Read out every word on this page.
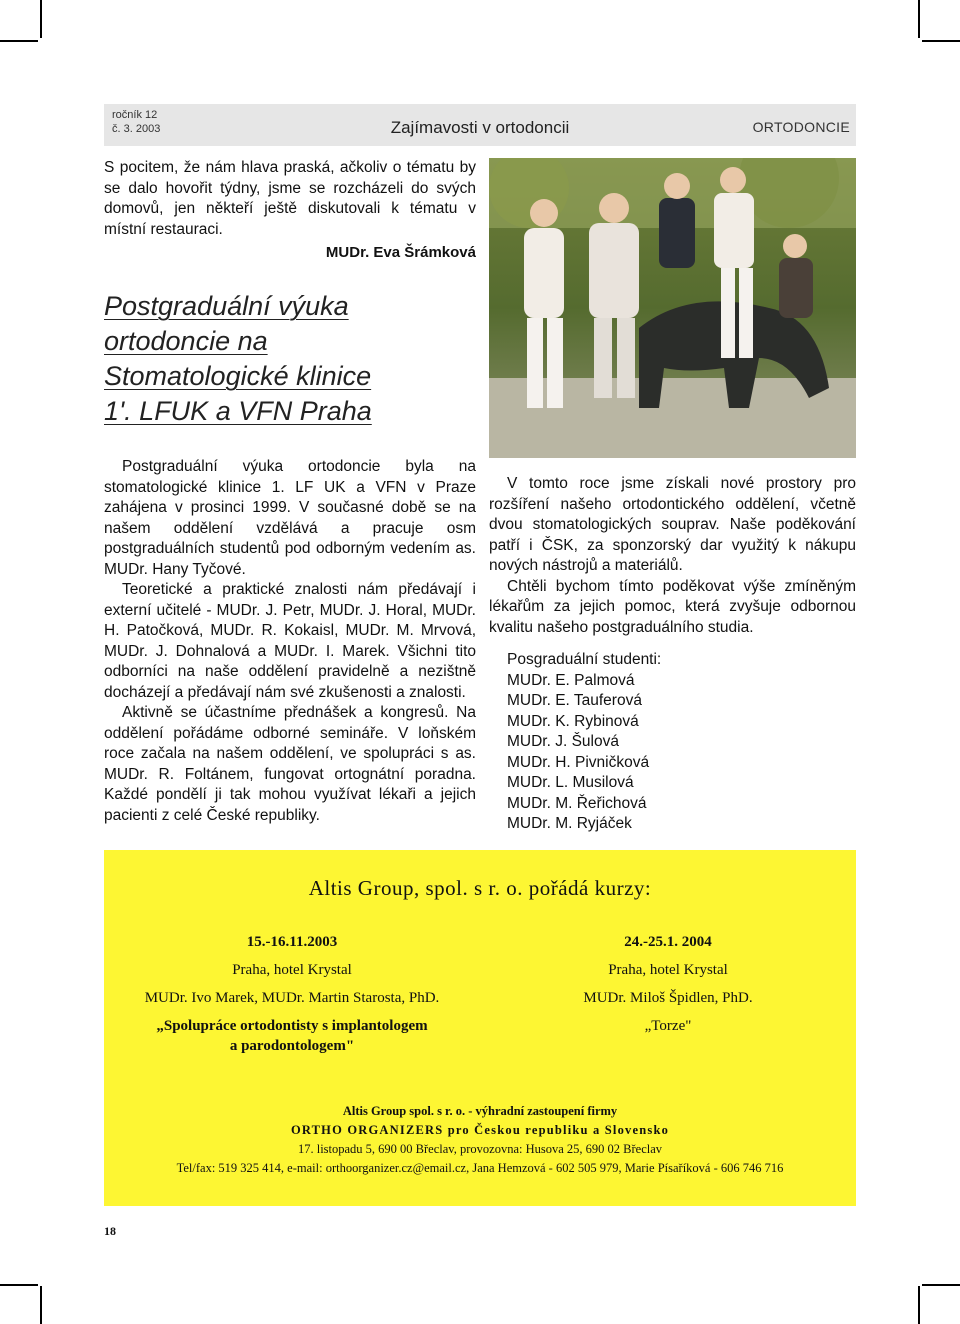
ročník 12
č. 3. 2003	Zajímavosti v ortodoncii	ORTODONCIE

S pocitem, že nám hlava praská, ačkoliv o tématu by se dalo hovořit týdny, jsme se rozcházeli do svých domovů, jen někteří ještě diskutovali k tématu v místní restauraci.

MUDr. Eva Šrámková
Postgraduální výuka
ortodoncie na
Stomatologické klinice
1'. LFUK a VFN Praha

Postgraduální výuka ortodoncie byla na stomatologické klinice 1. LF UK a VFN v Praze zahájena v prosinci 1999. V současné době se na našem oddělení vzdělává a pracuje osm postgraduálních studentů pod odborným vedením as. MUDr. Hany Tyčové.

Teoretické a praktické znalosti nám předávají i externí učitelé - MUDr. J. Petr, MUDr. J. Horal, MUDr. H. Patočková, MUDr. R. Kokaisl, MUDr. M. Mrvová, MUDr. J. Dohnalová a MUDr. I. Marek. Všichni tito odborníci na naše oddělení pravidelně a nezištně docházejí a předávají nám své zkušenosti a znalosti.

Aktivně se účastníme přednášek a kongresů. Na oddělení pořádáme odborné semináře. V loňském roce začala na našem oddělení, ve spolupráci s as. MUDr. R. Foltánem, fungovat ortognátní poradna. Každé pondělí ji tak mohou využívat lékaři a jejich pacienti z celé České republiky.

V tomto roce jsme získali nové prostory pro rozšíření našeho ortodontického oddělení, včetně dvou stomatologických souprav. Naše poděkování patří i ČSK, za sponzorský dar využitý k nákupu nových nástrojů a materiálů.

Chtěli bychom tímto poděkovat výše zmíněným lékařům za jejich pomoc, která zvyšuje odbornou kvalitu našeho postgraduálního studia.

Posgraduální studenti:
MUDr. E. Palmová
MUDr. E. Tauferová
MUDr. K. Rybinová
MUDr. J. Šulová
MUDr. H. Pivničková
MUDr. L. Musilová
MUDr. M. Řeřichová
MUDr. M. Ryjáček
Altis Group, spol. s r. o. pořádá kurzy:
15.-16.11.2003
Praha, hotel Krystal
MUDr. Ivo Marek, MUDr. Martin Starosta, PhD.
„Spolupráce ortodontisty s implantologem
a parodontologem"
24.-25.1. 2004
Praha, hotel Krystal
MUDr. Miloš Špidlen, PhD.
„Torze"
Altis Group spol. s r. o. - výhradní zastoupení firmy
ORTHO ORGANIZERS pro Českou republiku a Slovensko
17. listopadu 5, 690 00 Břeclav, provozovna: Husova 25, 690 02 Břeclav
Tel/fax: 519 325 414, e-mail: orthoorganizer.cz@email.cz, Jana Hemzová - 602 505 979, Marie Písaříková - 606 746 716
18
